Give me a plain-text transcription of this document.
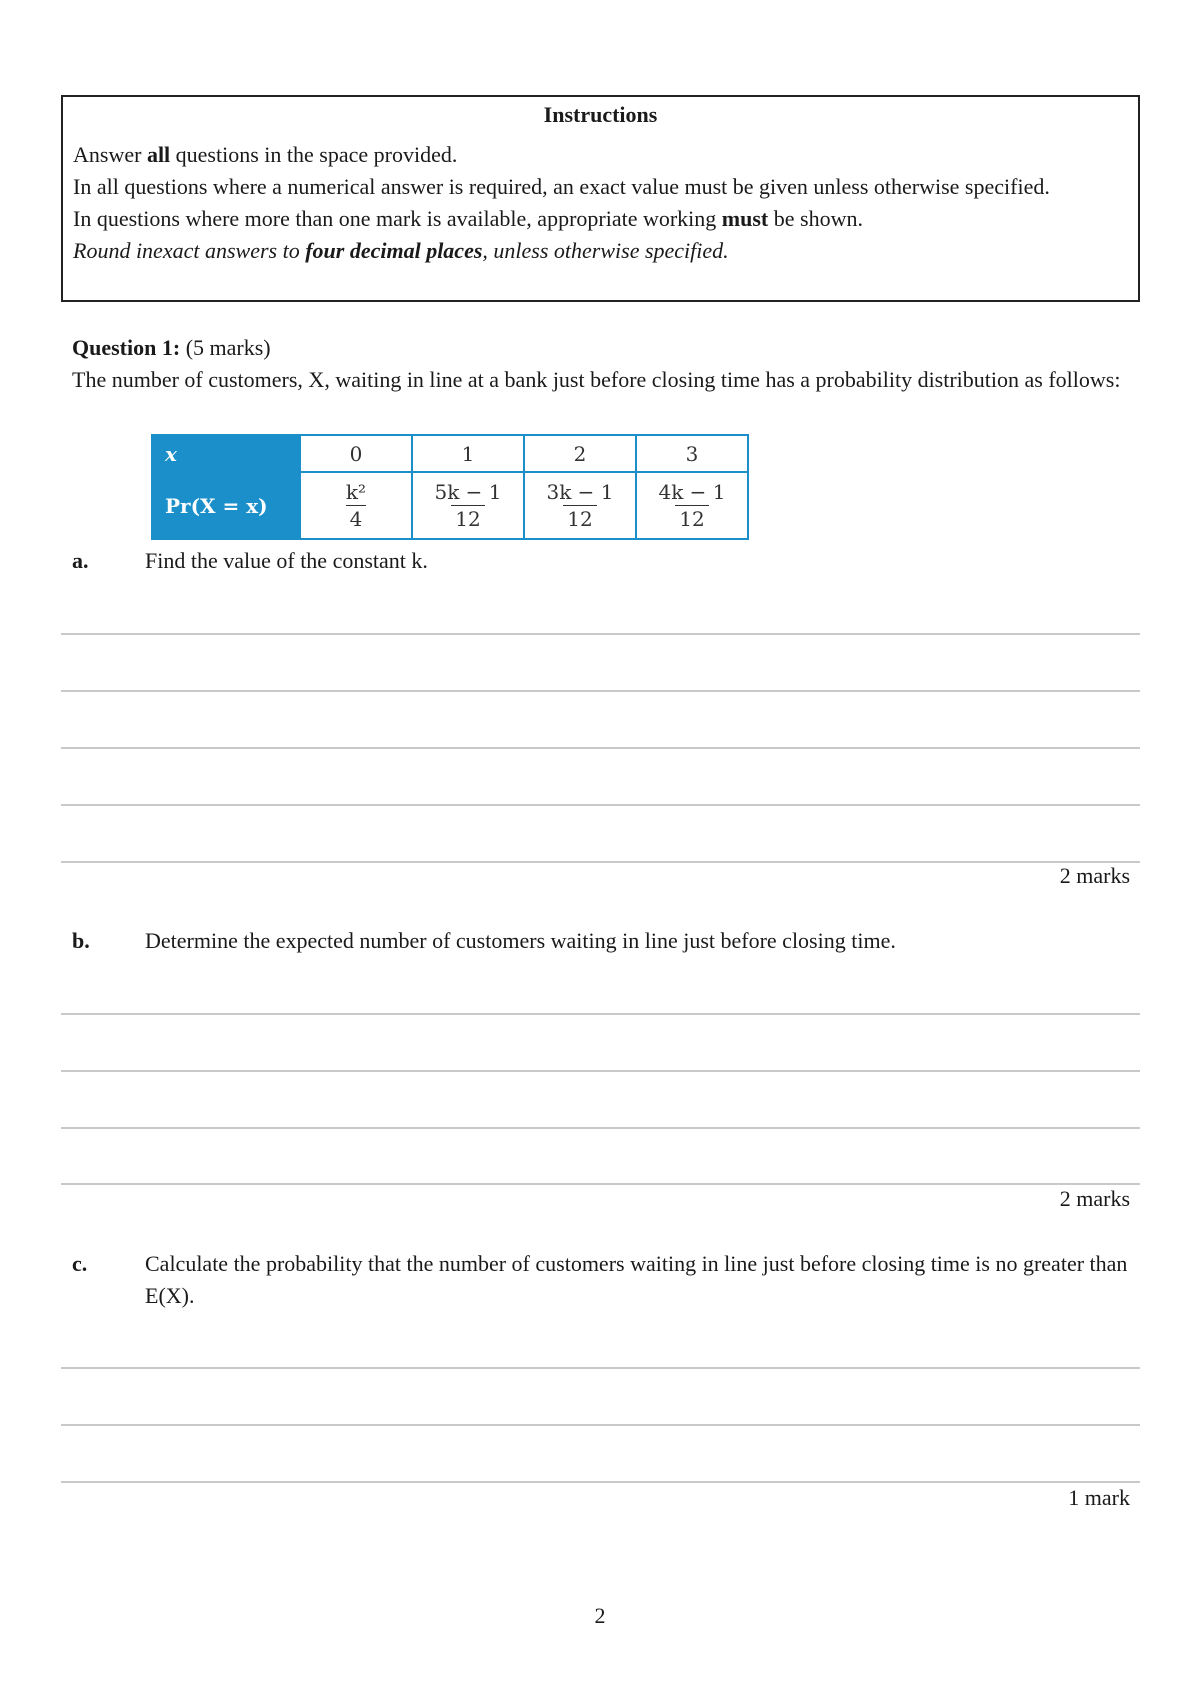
Instructions
Answer all questions in the space provided.
In all questions where a numerical answer is required, an exact value must be given unless otherwise specified.
In questions where more than one mark is available, appropriate working must be shown.
Round inexact answers to four decimal places, unless otherwise specified.
Question 1: (5 marks)
The number of customers, X, waiting in line at a bank just before closing time has a probability distribution as follows:
x	0	1	2	3
Pr(X = x)	$\frac{\text{k²}}{4}$	$\frac{5k - 1}{12}$	$\frac{3k - 1}{12}$	$\frac{4k - 1}{12}$
a.	Find the value of the constant k.
2 marks
b.	Determine the expected number of customers waiting in line just before closing time.
2 marks
c.	Calculate the probability that the number of customers waiting in line just before closing time is no greater than E(X).
1 mark
2
